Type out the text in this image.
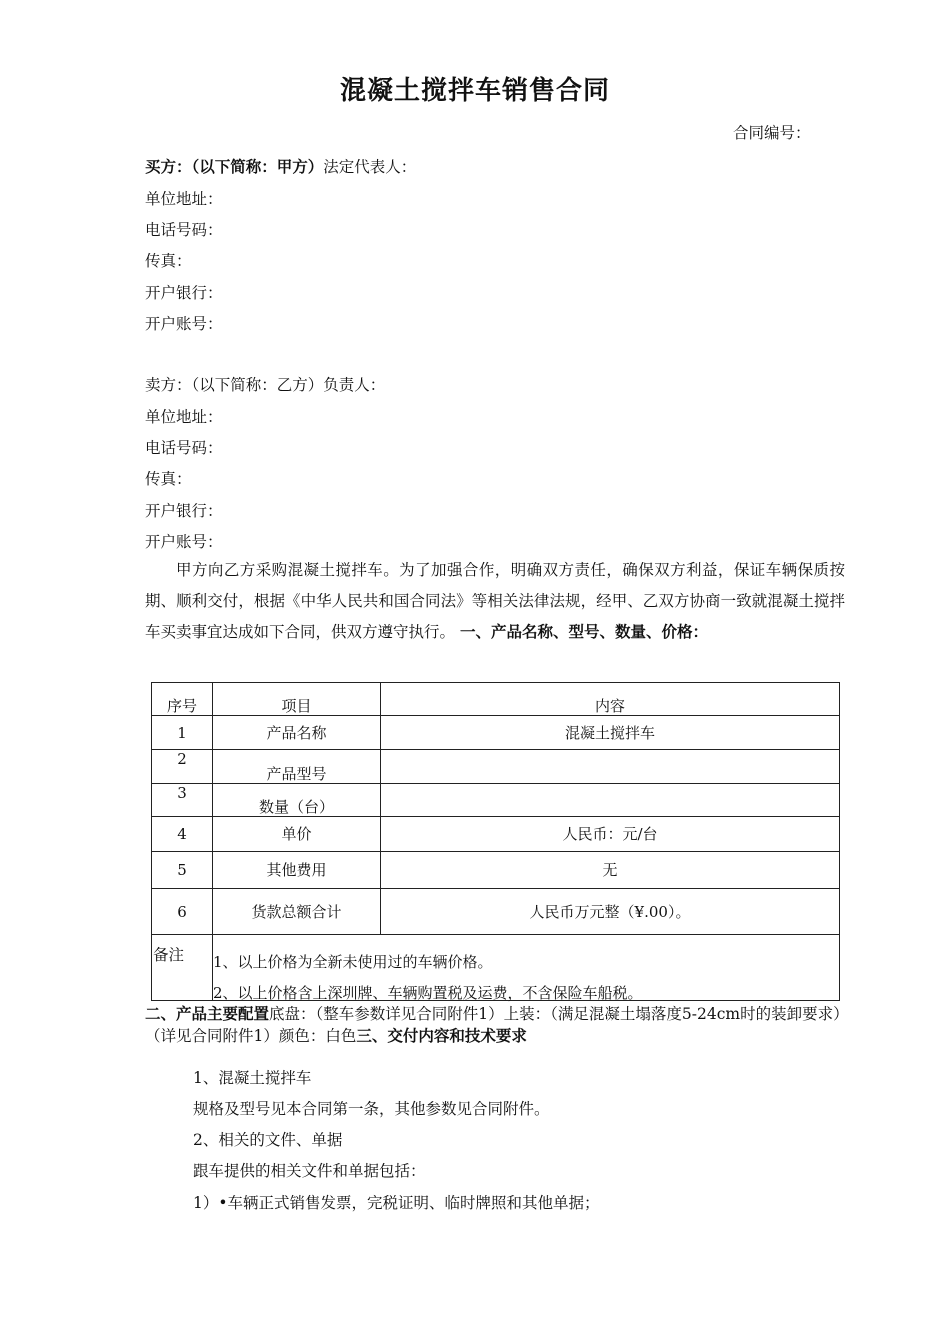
混凝土搅拌车销售合同
合同编号：
买方：（以下简称：甲方）法定代表人：
单位地址：
电话号码：
传真：
开户银行：
开户账号：
卖方：（以下简称：乙方）负责人：
单位地址：
电话号码：
传真：
开户银行：
开户账号：
甲方向乙方采购混凝土搅拌车。为了加强合作，明确双方责任，确保双方利益，保证车辆保质按期、顺利交付，根据《中华人民共和国合同法》等相关法律法规，经甲、乙双方协商一致就混凝土搅拌车买卖事宜达成如下合同，供双方遵守执行。 一、产品名称、型号、数量、价格：
序号	项目	内容
1	产品名称	混凝土搅拌车
2	产品型号	
3	数量（台）	
4	单价	人民币：元/台
5	其他费用	无
6	货款总额合计	人民币万元整（¥.00）。

备注 1、以上价格为全新未使用过的车辆价格。
2、以上价格含上深圳牌、车辆购置税及运费，不含保险车船税。
二、产品主要配置底盘：（整车参数详见合同附件1）上装：（满足混凝土塌落度5-24cm时的装卸要求）（详见合同附件1）颜色：白色三、交付内容和技术要求
1、混凝土搅拌车
规格及型号见本合同第一条，其他参数见合同附件。
2、相关的文件、单据
跟车提供的相关文件和单据包括：
1）•车辆正式销售发票，完税证明、临时牌照和其他单据；
